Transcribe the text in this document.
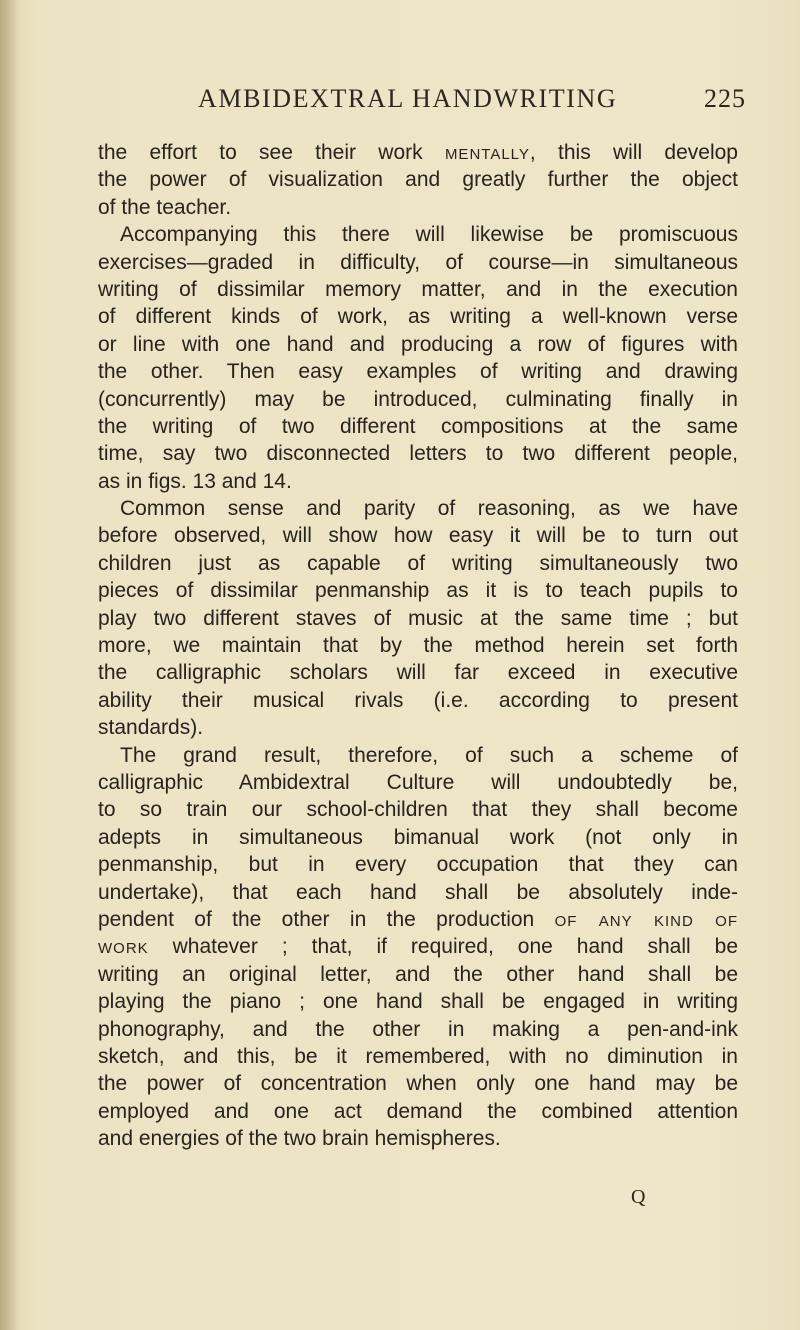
AMBIDEXTRAL HANDWRITING	225
the effort to see their work mentally, this will develop
the power of visualization and greatly further the object
of the teacher.
Accompanying this there will likewise be promiscuous
exercises—graded in difficulty, of course—in simultaneous
writing of dissimilar memory matter, and in the execution
of different kinds of work, as writing a well-known verse
or line with one hand and producing a row of figures with
the other. Then easy examples of writing and drawing
(concurrently) may be introduced, culminating finally in
the writing of two different compositions at the same
time, say two disconnected letters to two different people,
as in figs. 13 and 14.
Common sense and parity of reasoning, as we have
before observed, will show how easy it will be to turn out
children just as capable of writing simultaneously two
pieces of dissimilar penmanship as it is to teach pupils to
play two different staves of music at the same time ; but
more, we maintain that by the method herein set forth
the calligraphic scholars will far exceed in executive
ability their musical rivals (i.e. according to present
standards).
The grand result, therefore, of such a scheme of
calligraphic Ambidextral Culture will undoubtedly be,
to so train our school-children that they shall become
adepts in simultaneous bimanual work (not only in
penmanship, but in every occupation that they can
undertake), that each hand shall be absolutely inde-
pendent of the other in the production of any kind of
work whatever ; that, if required, one hand shall be
writing an original letter, and the other hand shall be
playing the piano ; one hand shall be engaged in writing
phonography, and the other in making a pen-and-ink
sketch, and this, be it remembered, with no diminution in
the power of concentration when only one hand may be
employed and one act demand the combined attention
and energies of the two brain hemispheres.
Q
